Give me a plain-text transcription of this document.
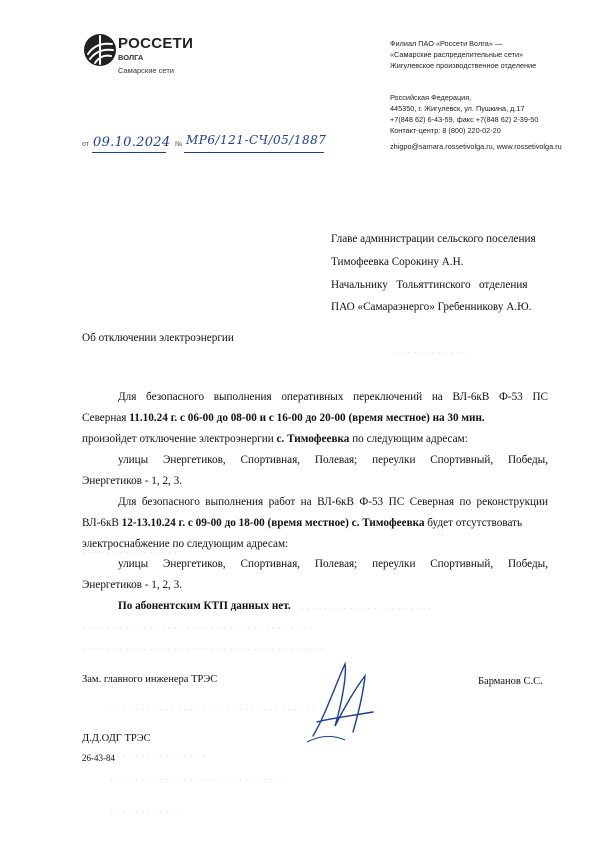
РОССЕТИ
ВОЛГА
Самарские сети
Филиал ПАО «Россети Волга» —
«Самарские распределительные сети»
Жигулевское производственное отделение
Российская Федерация,
445350, г. Жигулевск, ул. Пушкина, д.17
+7(848 62) 6-43-59, факс +7(848 62) 2-39-50
Контакт-центр: 8 (800) 220-02-20
zhigpo@samara.rossetivolga.ru, www.rossetivolga.ru
от 09.10.2024 № МР6/121-СЧ/05/1887
Главе администрации сельского поселения
Тимофеевка Сорокину А.Н.
Начальнику   Тольяттинского   отделения
ПАО «Самараэнерго» Гребенникову А.Ю.
Об отключении электроэнергии
· · · · · · · · · · · ·
· · · · · · · · · · · · · · · ·
· · · · · · · · · · · · · · · · · · · · · ·
· · · · · · · · · · · · · · · · · · · · · · · · · · · · · · · · · · · · · ·
· · · · · · · · · · · · · · · · · · · · · · · · · · · · · · · · · · · · · · · ·
· · · · · · · · · · · · · · · · · · · · · · · · · · · · · · · · · ·
· · · · · · · · · · · · · · · ·
· · · · · · · · · · · · · · · · · · · · · · · · · · · · ·
· · · · · · · · · · · ·
Для безопасного выполнения оперативных переключений на ВЛ-6кВ Ф-53 ПС
Северная 11.10.24 г. с 06-00 до 08-00 и с 16-00 до 20-00 (время местное) на 30 мин.
произойдет отключение электроэнергии с. Тимофеевка по следующим адресам:
улицы Энергетиков, Спортивная, Полевая; переулки Спортивный, Победы,
Энергетиков - 1, 2, 3.
Для безопасного выполнения работ на ВЛ-6кВ Ф-53 ПС Северная по реконструкции
ВЛ-6кВ 12-13.10.24 г. с 09-00 до 18-00 (время местное) с. Тимофеевка будет отсутствовать
электроснабжение по следующим адресам:
улицы Энергетиков, Спортивная, Полевая; переулки Спортивный, Победы,
Энергетиков - 1, 2, 3.
По абонентским КТП данных нет.
Зам. главного инженера ТРЭС	Барманов С.С.
Д.Д.ОДГ ТРЭС
26-43-84
